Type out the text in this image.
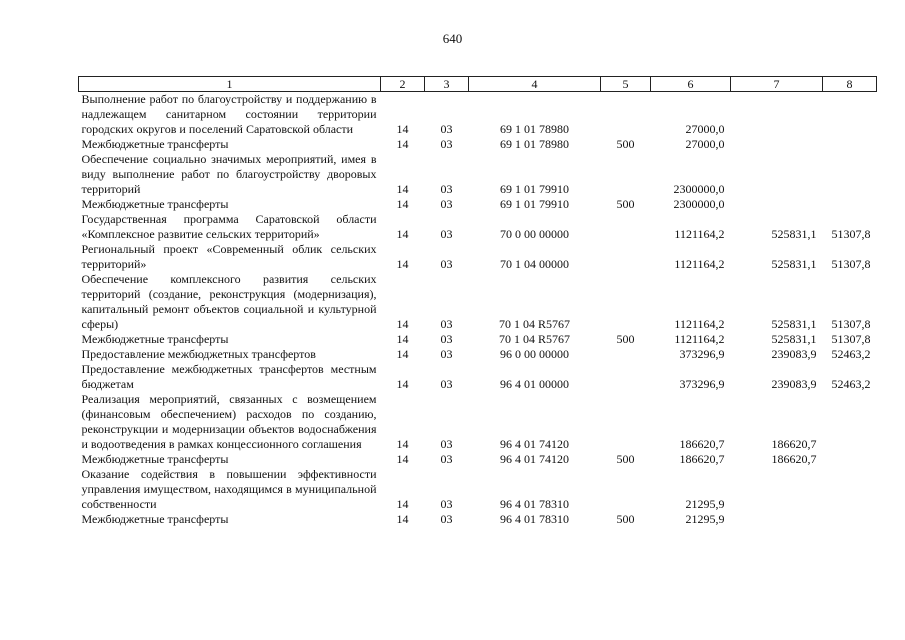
640
1	2	3	4	5	6	7	8
Выполнение работ по благоустройству и поддержанию в надлежащем санитарном состоянии территории городских округов и поселений Саратовской области	14	03	69 1 01 78980		27000,0		
Межбюджетные трансферты	14	03	69 1 01 78980	500	27000,0		
Обеспечение социально значимых мероприятий, имея в виду выполнение работ по благоустройству дворовых территорий	14	03	69 1 01 79910		2300000,0		
Межбюджетные трансферты	14	03	69 1 01 79910	500	2300000,0		
Государственная программа Саратовской области «Комплексное развитие сельских территорий»	14	03	70 0 00 00000		1121164,2	525831,1	51307,8
Региональный проект «Современный облик сельских территорий»	14	03	70 1 04 00000		1121164,2	525831,1	51307,8
Обеспечение комплексного развития сельских территорий (создание, реконструкция (модернизация), капитальный ремонт объектов социальной и культурной сферы)	14	03	70 1 04 R5767		1121164,2	525831,1	51307,8
Межбюджетные трансферты	14	03	70 1 04 R5767	500	1121164,2	525831,1	51307,8
Предоставление межбюджетных трансфертов	14	03	96 0 00 00000		373296,9	239083,9	52463,2
Предоставление межбюджетных трансфертов местным бюджетам	14	03	96 4 01 00000		373296,9	239083,9	52463,2
Реализация мероприятий, связанных с возмещением (финансовым обеспечением) расходов по созданию, реконструкции и модернизации объектов водоснабжения и водоотведения в рамках концессионного соглашения	14	03	96 4 01 74120		186620,7	186620,7	
Межбюджетные трансферты	14	03	96 4 01 74120	500	186620,7	186620,7	
Оказание содействия в повышении эффективности управления имуществом, находящимся в муниципальной собственности	14	03	96 4 01 78310		21295,9		
Межбюджетные трансферты	14	03	96 4 01 78310	500	21295,9		
